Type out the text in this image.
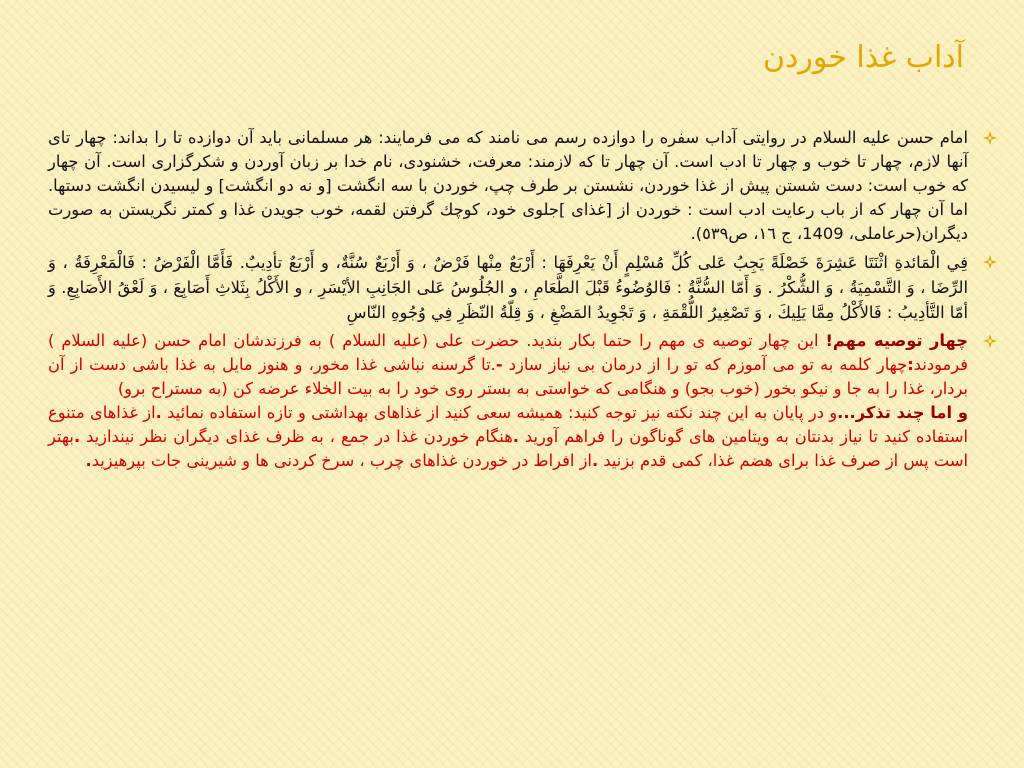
آداب غذا خوردن

امام حسن علیه السلام در روایتی آداب سفره را دوازده رسم می نامند که می فرمایند: هر مسلمانی باید آن دوازده تا را بداند: چهار تای آنها لازم، چهار تا خوب و چهار تا ادب است. آن چهار تا که لازمند: معرفت، خشنودی، نام خدا بر زبان آوردن و شکرگزاری است. آن چهار که خوب است: دست شستن پیش از غذا خوردن، نشستن بر طرف چپ، خوردن با سه انگشت [و نه دو انگشت] و لیسیدن انگشت دستها. اما آن چهار که از باب رعایت ادب است : خوردن از [غذای ]جلوی خود، کوچك گرفتن لقمه، خوب جویدن غذا و کمتر نگریستن به صورت دیگران(حرعاملی، 1409، ج ١٦، ص٥٣٩).

فِي الْمَائدةِ اثْنَتَا عَشِرَةَ خَصْلَةً يَجِبُ عَلی كُلِّ مُسْلِمٍ أَنْ يَعْرِفَهَا : أَرْبَعٌ مِنْها فَرْضٌ ، وَ أَرْبَعٌ سُنَّةٌ، و أَرْبَعٌ تأدِيبٌ. فَأَمَّا الْفَرْضُ : فَالْمَعْرِفَةُ ، وَ الرِّضَا ، وَ التَّسْمِيَةُ ، وَ الشُّكْرُ . وَ أَمّا السُّنَّةُ : فَالوُضُوءُ قَبْلَ الطَّعَامِ ، و الجُلُوسُ عَلی الجَانِبِ الأيْسَرِ ، و الأَكْلُ بِثَلاثِ أَصَابِعَ ، وَ لَعْقُ الأَصَابِعِ. وَ أمّا التَّأدِيبُ : فَالأَكْلُ مِمَّا يَلِيكَ ، وَ تَصْغِيرُ اللُّقْمَةِ ، وَ تَجْوِيدُ المَضْغِ ، وَ قِلّةُ النّظَرِ فِي وُجُوهِ النّاسِ

چهار توصیه مهم! این چهار توصیه ی مهم را حتما بکار بندید. حضرت علی (علیه السلام ) به فرزندشان امام حسن (علیه السلام ) فرمودند:چهار کلمه به تو می آموزم که تو را از درمان بی نیاز سازد -.تا گرسنه نباشی غذا مخور، و هنوز مایل به غذا باشی دست از آن بردار، غذا را به جا و نیکو بخور (خوب بجو) و هنگامی که خواستی به بستر روی خود را به بیت الخلاء عرضه کن (به مستراح برو)
و اما چند تذکر...و در پایان به این چند نکته نیز توجه کنید: همیشه سعی کنید از غذاهای بهداشتی و تازه استفاده نمائید .از غذاهای متنوع استفاده کنید تا نیاز بدنتان به ویتامین های گوناگون را فراهم آورید .هنگام خوردن غذا در جمع ، به ظرف غذای دیگران نظر نیندازید .بهتر است پس از صرف غذا برای هضم غذا، کمی قدم بزنید .از افراط در خوردن غذاهای چرب ، سرخ کردنی ها و شیرینی جات بپرهیزید.
